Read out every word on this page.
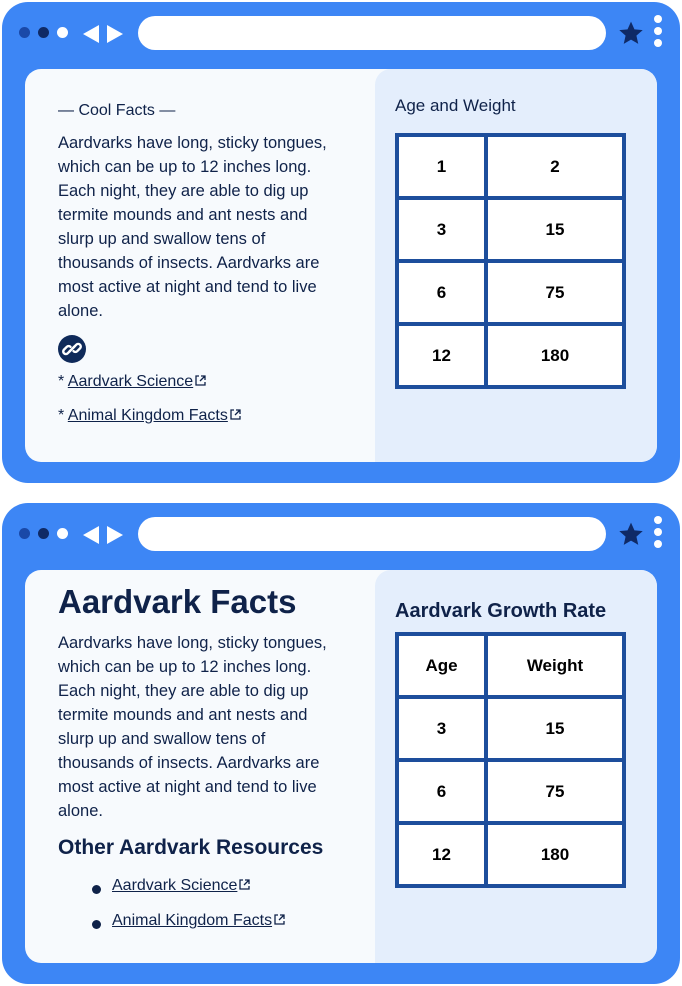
— Cool Facts —

Aardvarks have long, sticky tongues, which can be up to 12 inches long. Each night, they are able to dig up termite mounds and ant nests and slurp up and swallow tens of thousands of insects. Aardvarks are most active at night and tend to live alone.

* Aardvark Science
* Animal Kingdom Facts
Age and Weight
1	2
3	15
6	75
12	180
Aardvark Facts

Aardvarks have long, sticky tongues, which can be up to 12 inches long. Each night, they are able to dig up termite mounds and ant nests and slurp up and swallow tens of thousands of insects. Aardvarks are most active at night and tend to live alone.

Other Aardvark Resources
Aardvark Science
Animal Kingdom Facts
Aardvark Growth Rate
Age	Weight
3	15
6	75
12	180
